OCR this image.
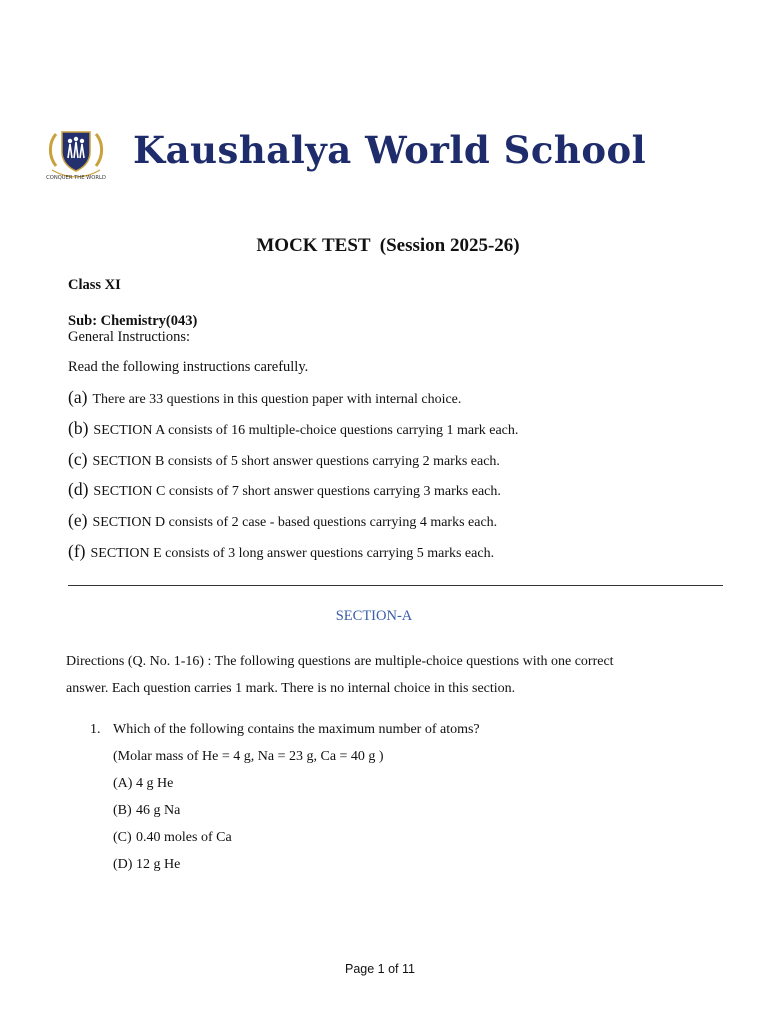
CONQUER THE WORLD
Kaushalya World School
MOCK TEST  (Session 2025-26)
Class XI
Sub: Chemistry(043)
General Instructions:
Read the following instructions carefully.
(a) There are 33 questions in this question paper with internal choice.
(b) SECTION A consists of 16 multiple-choice questions carrying 1 mark each.
(c) SECTION B consists of 5 short answer questions carrying 2 marks each.
(d) SECTION C consists of 7 short answer questions carrying 3 marks each.
(e) SECTION D consists of 2 case - based questions carrying 4 marks each.
(f) SECTION E consists of 3 long answer questions carrying 5 marks each.
SECTION-A
Directions (Q. No. 1-16) : The following questions are multiple-choice questions with one correct
answer. Each question carries 1 mark. There is no internal choice in this section.
1. Which of the following contains the maximum number of atoms?
(Molar mass of He = 4 g, Na = 23 g, Ca = 40 g )
(A) 4 g He
(B) 46 g Na
(C) 0.40 moles of Ca
(D) 12 g He
Page 1 of 11
